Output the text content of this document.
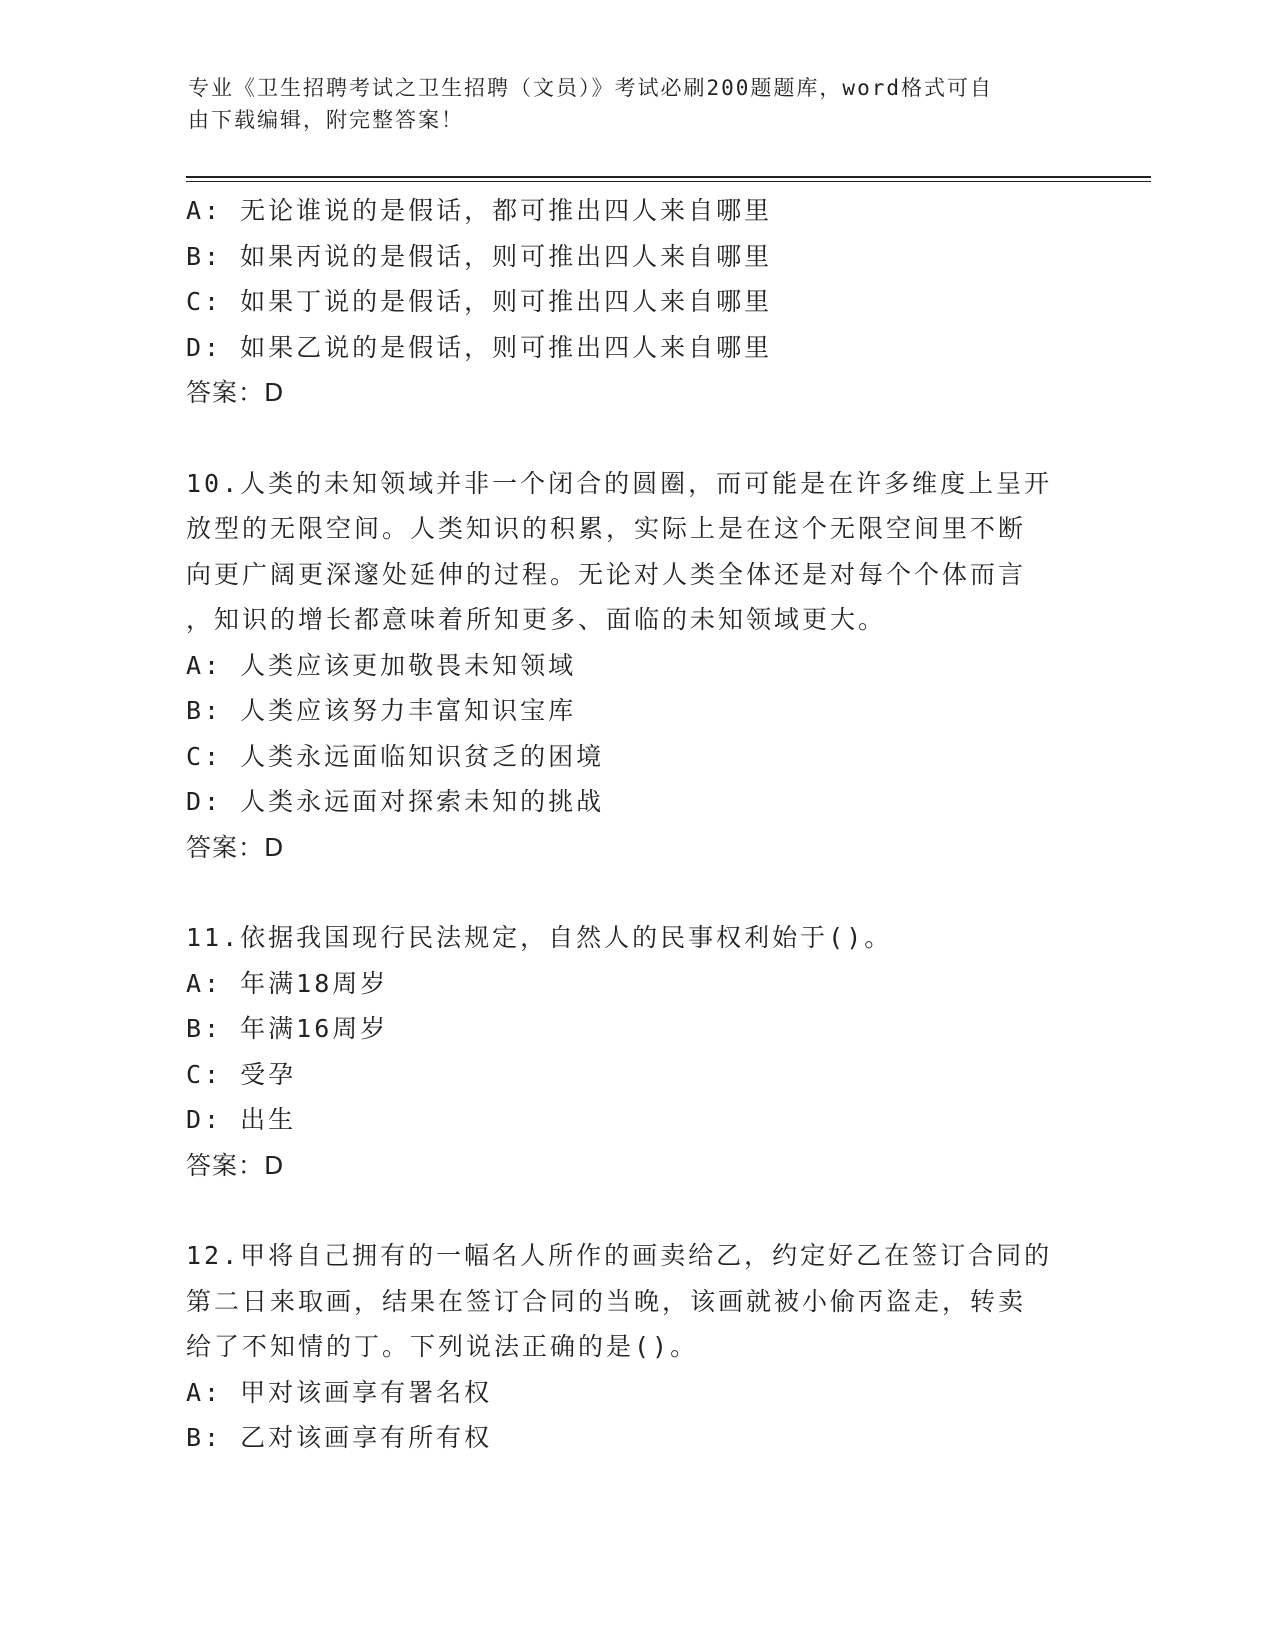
专业《卫生招聘考试之卫生招聘（文员）》考试必刷200题题库，word格式可自

由下载编辑，附完整答案！

A: 无论谁说的是假话，都可推出四人来自哪里

B: 如果丙说的是假话，则可推出四人来自哪里

C: 如果丁说的是假话，则可推出四人来自哪里

D: 如果乙说的是假话，则可推出四人来自哪里

答案：D

10.人类的未知领域并非一个闭合的圆圈，而可能是在许多维度上呈开

放型的无限空间。人类知识的积累，实际上是在这个无限空间里不断

向更广阔更深邃处延伸的过程。无论对人类全体还是对每个个体而言

，知识的增长都意味着所知更多、面临的未知领域更大。

A: 人类应该更加敬畏未知领域

B: 人类应该努力丰富知识宝库

C: 人类永远面临知识贫乏的困境

D: 人类永远面对探索未知的挑战

答案：D

11.依据我国现行民法规定，自然人的民事权利始于()。

A: 年满18周岁

B: 年满16周岁

C: 受孕

D: 出生

答案：D

12.甲将自己拥有的一幅名人所作的画卖给乙，约定好乙在签订合同的

第二日来取画，结果在签订合同的当晚，该画就被小偷丙盗走，转卖

给了不知情的丁。下列说法正确的是()。

A: 甲对该画享有署名权

B: 乙对该画享有所有权
